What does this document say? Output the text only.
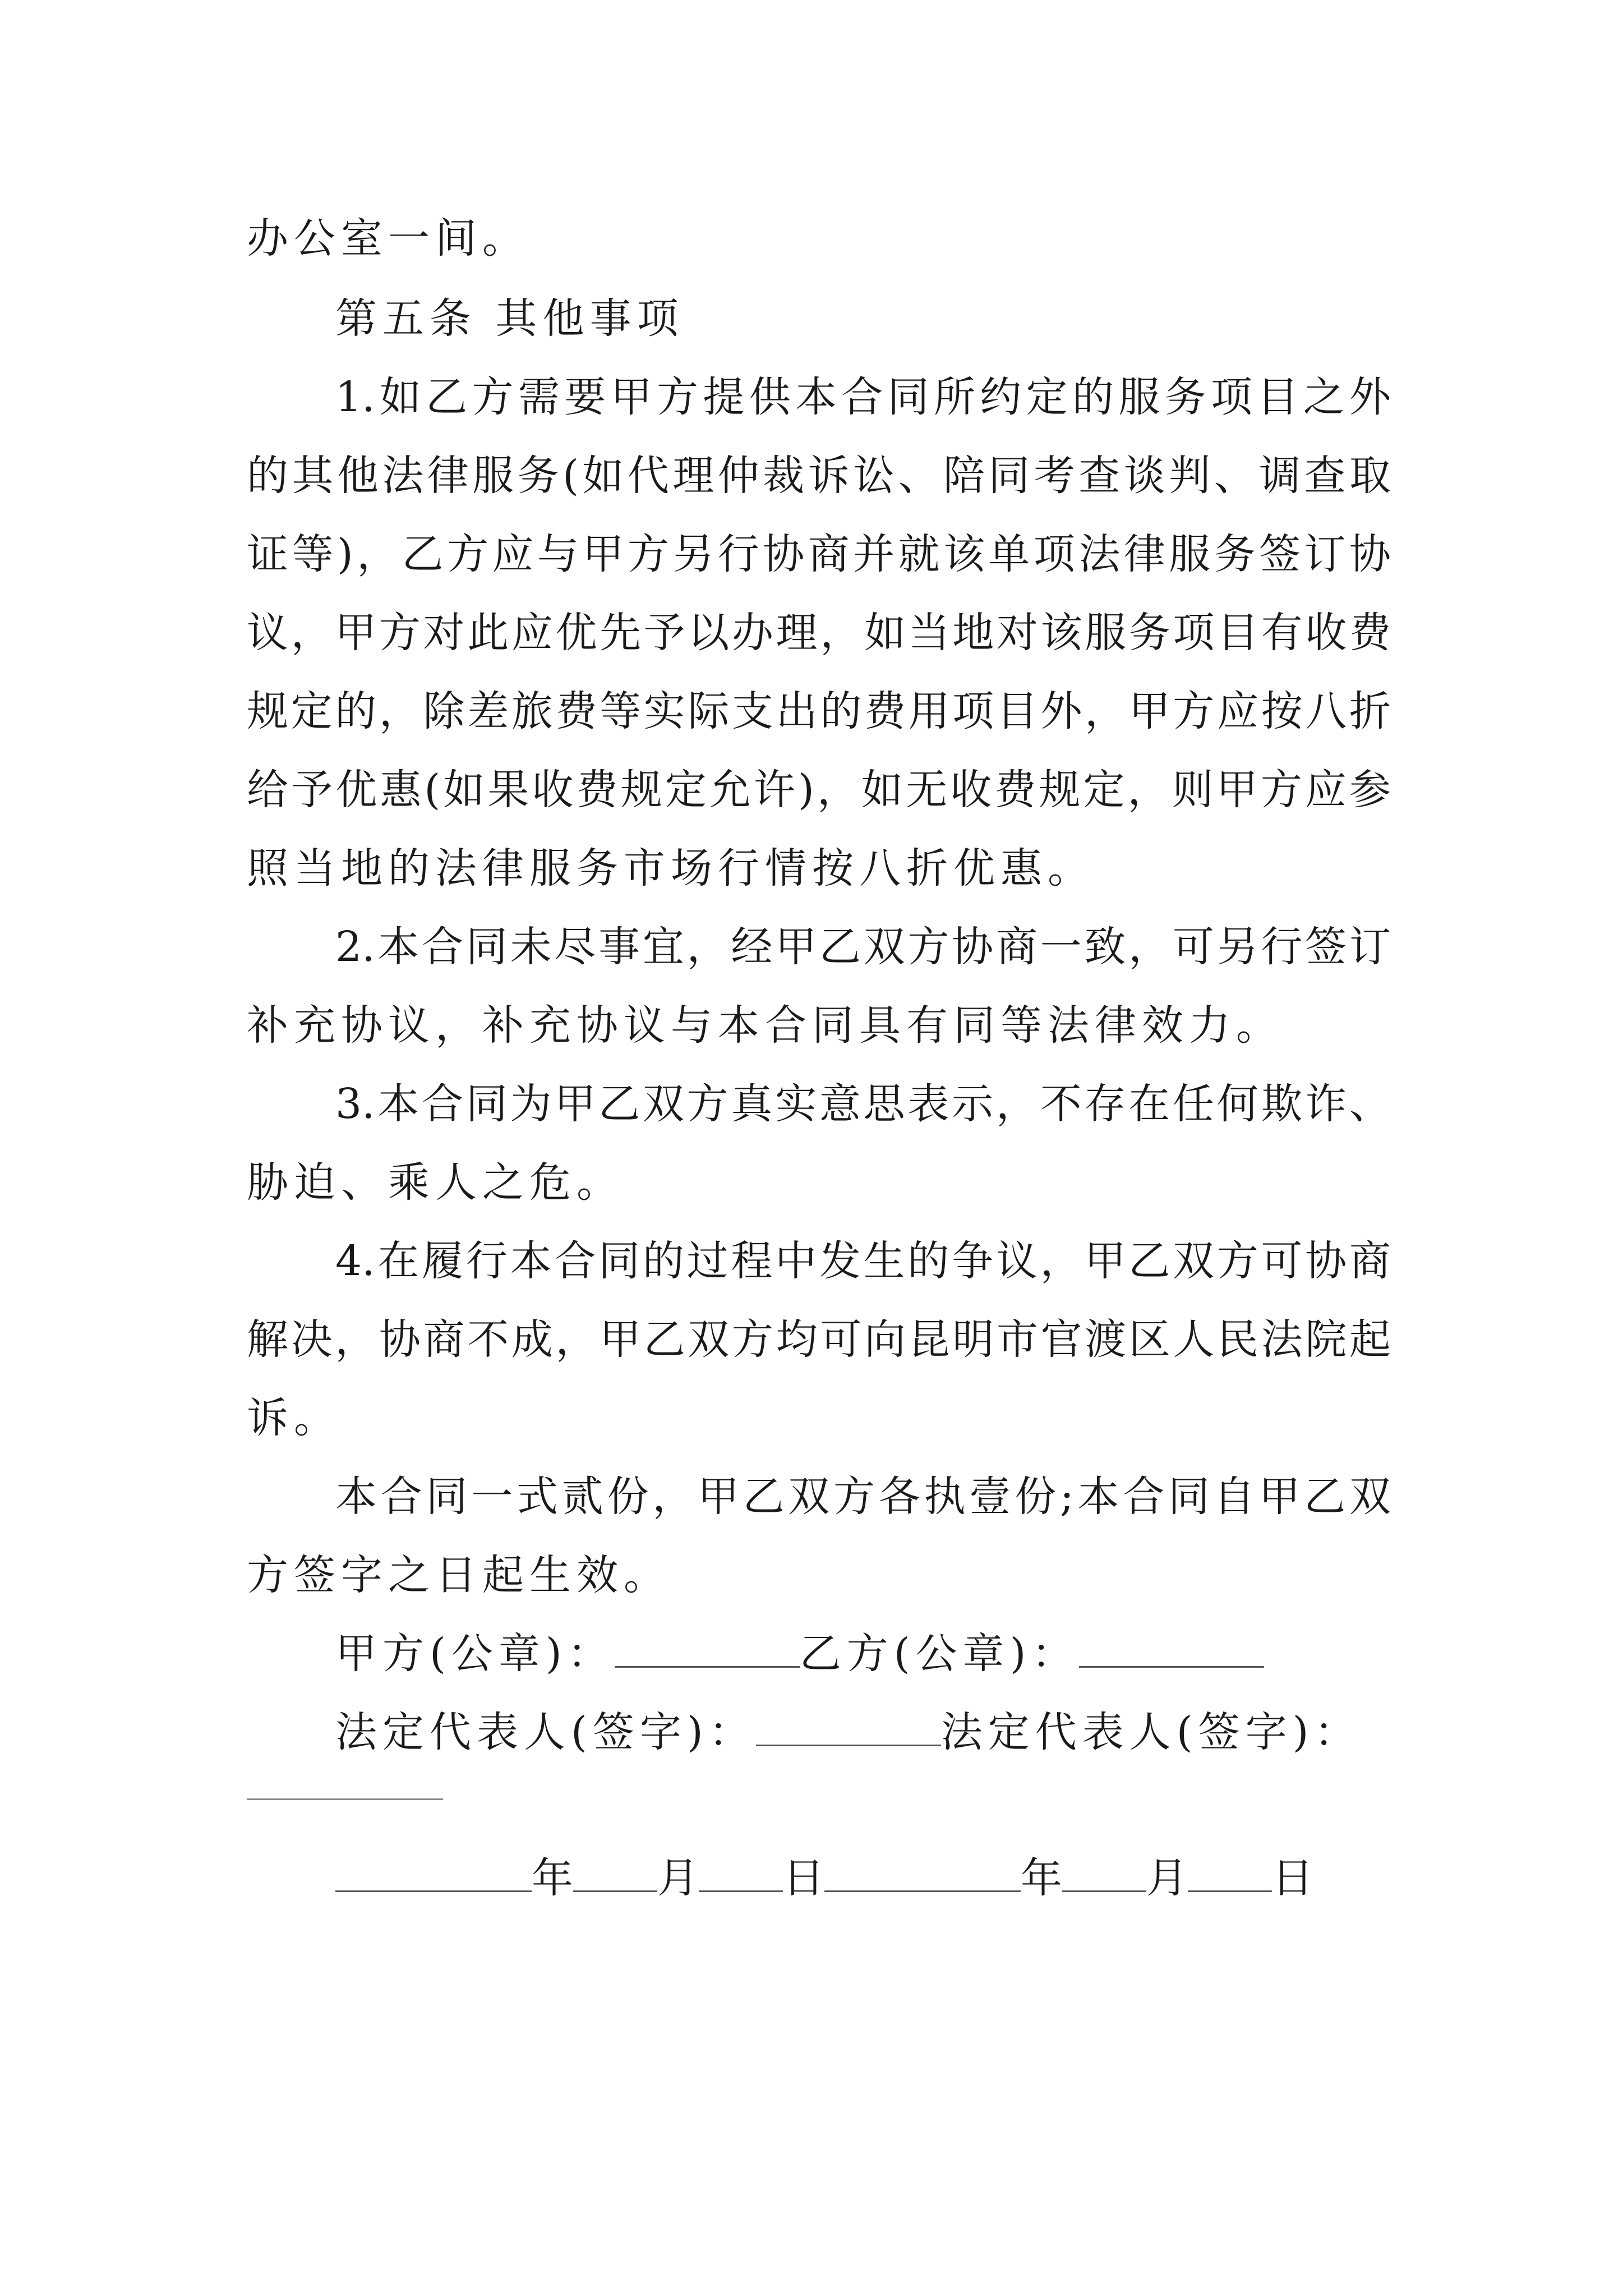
办公室一间。
第五条 其他事项
1.如乙方需要甲方提供本合同所约定的服务项目之外
的其他法律服务(如代理仲裁诉讼、陪同考查谈判、调查取
证等)，乙方应与甲方另行协商并就该单项法律服务签订协
议，甲方对此应优先予以办理，如当地对该服务项目有收费
规定的，除差旅费等实际支出的费用项目外，甲方应按八折
给予优惠(如果收费规定允许)，如无收费规定，则甲方应参
照当地的法律服务市场行情按八折优惠。
2.本合同未尽事宜，经甲乙双方协商一致，可另行签订
补充协议，补充协议与本合同具有同等法律效力。
3.本合同为甲乙双方真实意思表示，不存在任何欺诈、
胁迫、乘人之危。
4.在履行本合同的过程中发生的争议，甲乙双方可协商
解决，协商不成，甲乙双方均可向昆明市官渡区人民法院起
诉。
本合同一式贰份，甲乙双方各执壹份;本合同自甲乙双
方签字之日起生效。
甲方(公章)：	乙方(公章)：
法定代表人(签字)：	法定代表人(签字)：
年 月 日	年 月 日
